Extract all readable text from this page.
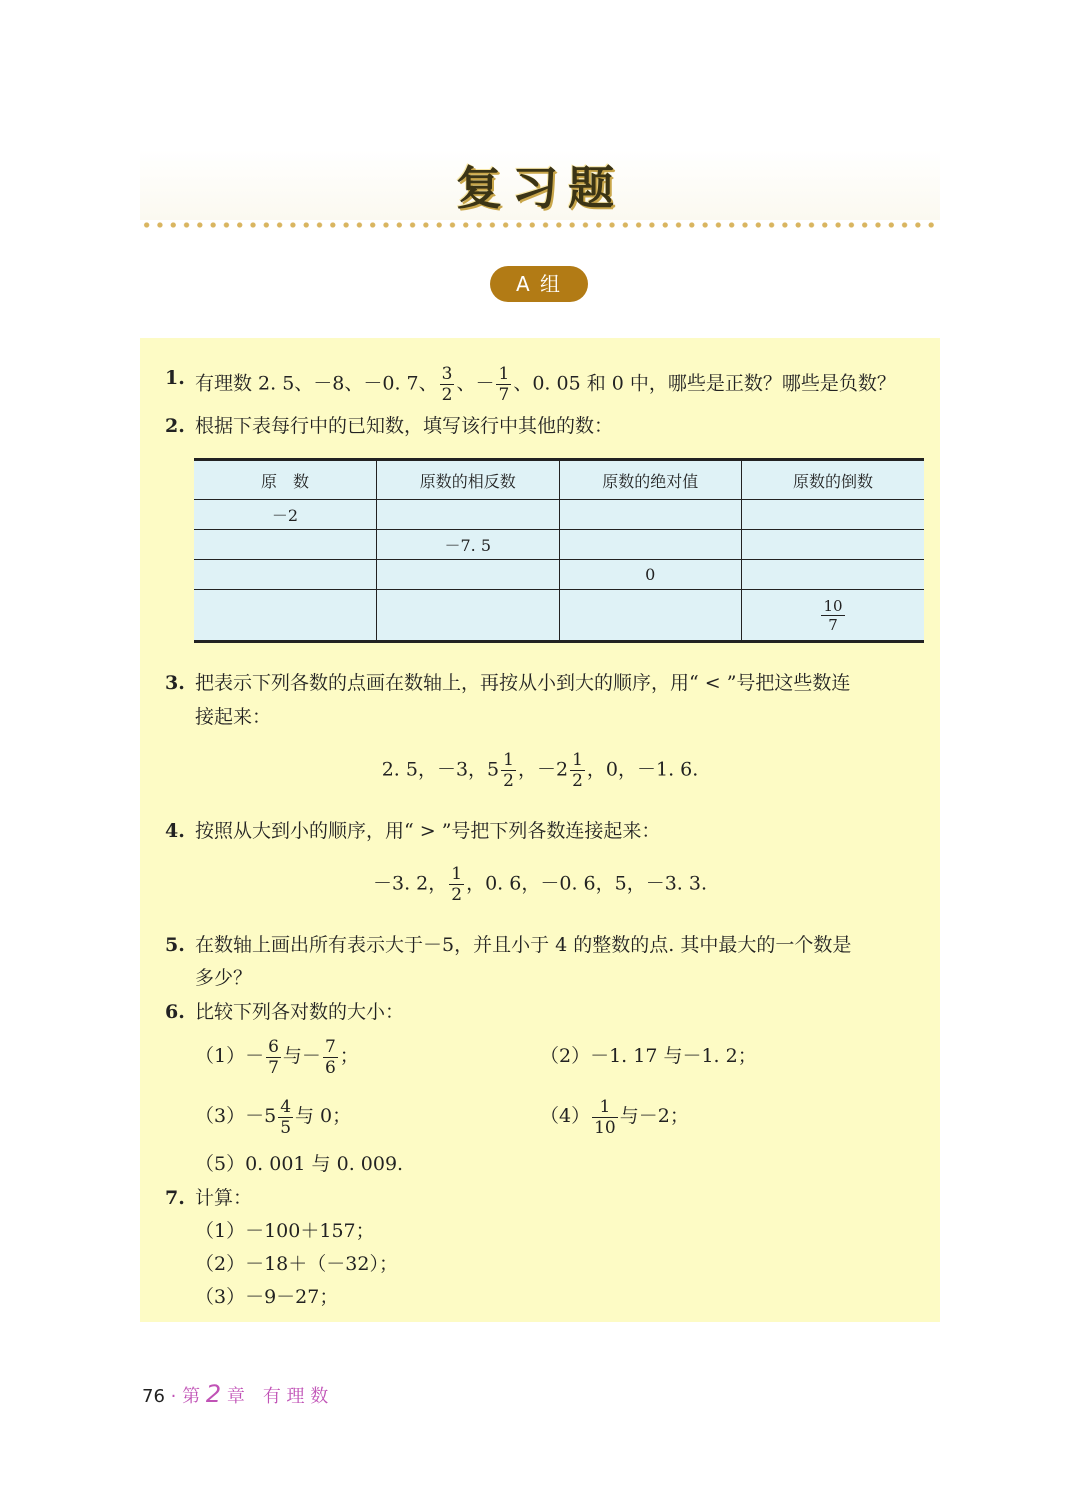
复习题
A 组
1. 有理数 2. 5、－8、－0. 7、 $\frac{3}{2}$ 、－ $\frac{1}{7}$ 、0. 05 和 0 中，哪些是正数？哪些是负数？
2. 根据下表每行中的已知数，填写该行中其他的数：
原　数	原数的相反数	原数的绝对值	原数的倒数
－2			
	－7. 5		
		0	

			$\frac{10}{7}$
3. 把表示下列各数的点画在数轴上，再按从小到大的顺序，用“ < ”号把这些数连
接起来：
2. 5，－3，$5 \frac{1}{2}$ ，$-2 \frac{1}{2}$ ，0，－1. 6.
4. 按照从大到小的顺序，用“ > ”号把下列各数连接起来：
－3. 2， $\frac{1}{2}$ ，0. 6，－0. 6，5，－3. 3.
5. 在数轴上画出所有表示大于－5，并且小于 4 的整数的点. 其中最大的一个数是
多少？
6. 比较下列各对数的大小：
$(1)- \frac{6}{7}$ 与－ $\frac{7}{6}$ ；	（2）－1. 17 与－1. 2；
$(3)-5 \frac{4}{5}$ 与 0；	$(4) \frac{1}{10}$ 与－2；
（5）0. 001 与 0. 009.
7. 计算：
（1）－100＋157；
（2）－18＋（－32）；
（3）－9－27；
76 · 第 2 章　有 理 数
